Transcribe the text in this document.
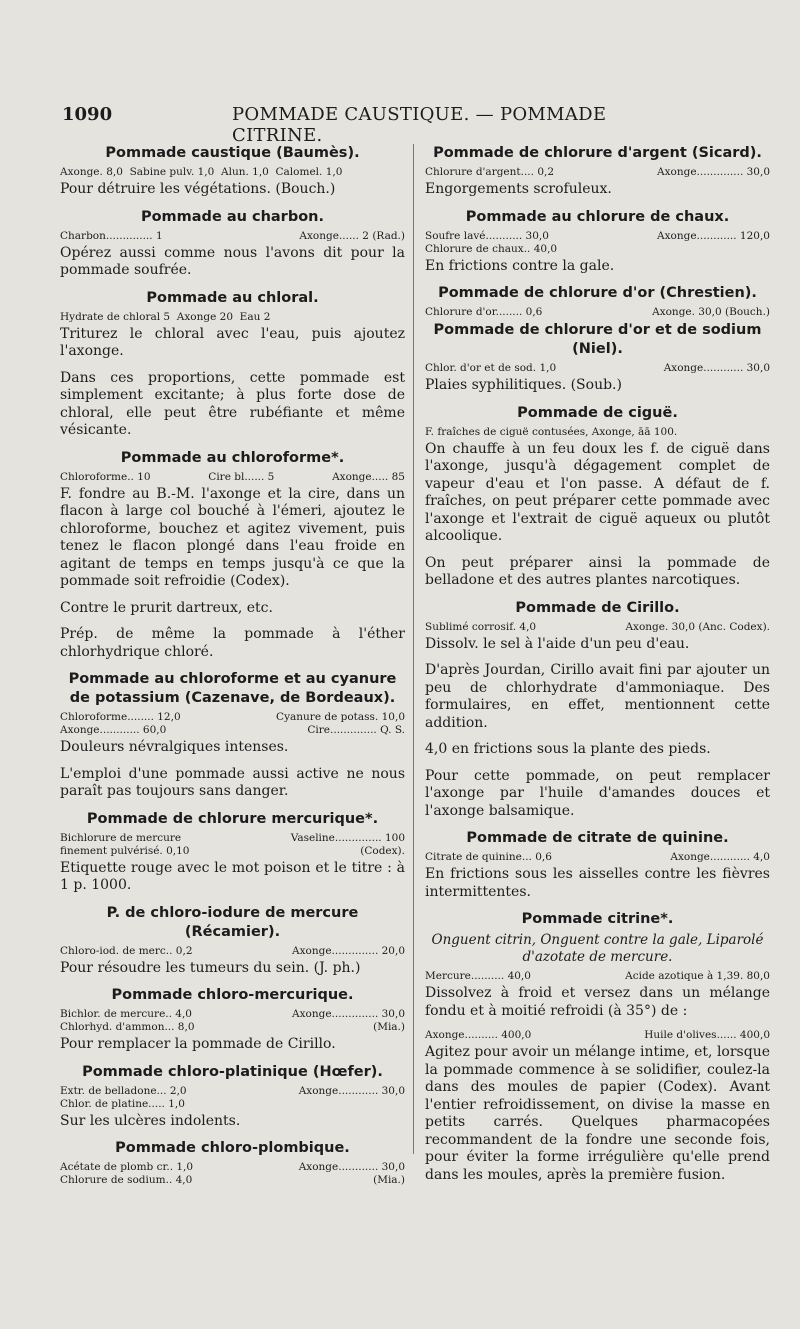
1090	POMMADE CAUSTIQUE. — POMMADE CITRINE.
Pommade caustique (Baumès).
Axonge. 8,0  Sabine pulv. 1,0  Alun. 1,0  Calomel. 1,0

Pour détruire les végétations. (Bouch.)

Pommade au charbon.
Charbon.............. 1	Axonge...... 2 (Rad.)

Opérez aussi comme nous l'avons dit pour la pommade soufrée.

Pommade au chloral.
Hydrate de chloral 5  Axonge 20  Eau 2

Triturez le chloral avec l'eau, puis ajoutez l'axonge.

Dans ces proportions, cette pommade est simplement excitante; à plus forte dose de chloral, elle peut être rubéfiante et même vésicante.

Pommade au chloroforme*.
Chloroforme.. 10	Cire bl...... 5	Axonge..... 85

F. fondre au B.-M. l'axonge et la cire, dans un flacon à large col bouché à l'émeri, ajoutez le chloroforme, bouchez et agitez vivement, puis tenez le flacon plongé dans l'eau froide en agitant de temps en temps jusqu'à ce que la pommade soit refroidie (Codex).

Contre le prurit dartreux, etc.

Prép. de même la pommade à l'éther chlorhydrique chloré.

Pommade au chloroforme et au cyanure de potassium (Cazenave, de Bordeaux).
Chloroforme........ 12,0	Cyanure de potass. 10,0
Axonge............ 60,0	Cire.............. Q. S.

Douleurs névralgiques intenses.

L'emploi d'une pommade aussi active ne nous paraît pas toujours sans danger.

Pommade de chlorure mercurique*.
Bichlorure de mercure	Vaseline.............. 100
finement pulvérisé. 0,10	(Codex).

Etiquette rouge avec le mot poison et le titre : à 1 p. 1000.

P. de chloro-iodure de mercure (Récamier).
Chloro-iod. de merc.. 0,2	Axonge.............. 20,0

Pour résoudre les tumeurs du sein. (J. ph.)

Pommade chloro-mercurique.
Bichlor. de mercure.. 4,0	Axonge.............. 30,0
Chlorhyd. d'ammon... 8,0	(Mia.)

Pour remplacer la pommade de Cirillo.

Pommade chloro-platinique (Hœfer).
Extr. de belladone... 2,0	Axonge............ 30,0
Chlor. de platine..... 1,0

Sur les ulcères indolents.

Pommade chloro-plombique.
Acétate de plomb cr.. 1,0	Axonge............ 30,0
Chlorure de sodium.. 4,0	(Mia.)
Pommade de chlorure d'argent (Sicard).
Chlorure d'argent.... 0,2	Axonge.............. 30,0

Engorgements scrofuleux.

Pommade au chlorure de chaux.
Soufre lavé........... 30,0	Axonge............ 120,0
Chlorure de chaux.. 40,0

En frictions contre la gale.

Pommade de chlorure d'or (Chrestien).
Chlorure d'or........ 0,6	Axonge. 30,0 (Bouch.)
Pommade de chlorure d'or et de sodium (Niel).
Chlor. d'or et de sod. 1,0	Axonge............ 30,0

Plaies syphilitiques. (Soub.)

Pommade de ciguë.
F. fraîches de ciguë contusées, Axonge, āā 100.

On chauffe à un feu doux les f. de ciguë dans l'axonge, jusqu'à dégagement complet de vapeur d'eau et l'on passe. A défaut de f. fraîches, on peut préparer cette pommade avec l'axonge et l'extrait de ciguë aqueux ou plutôt alcoolique.

On peut préparer ainsi la pommade de belladone et des autres plantes narcotiques.

Pommade de Cirillo.
Sublimé corrosif. 4,0	Axonge. 30,0 (Anc. Codex).

Dissolv. le sel à l'aide d'un peu d'eau.

D'après Jourdan, Cirillo avait fini par ajouter un peu de chlorhydrate d'ammoniaque. Des formulaires, en effet, mentionnent cette addition.

4,0 en frictions sous la plante des pieds.

Pour cette pommade, on peut remplacer l'axonge par l'huile d'amandes douces et l'axonge balsamique.

Pommade de citrate de quinine.
Citrate de quinine... 0,6	Axonge............ 4,0

En frictions sous les aisselles contre les fièvres intermittentes.

Pommade citrine*.
Onguent citrin, Onguent contre la gale, Liparolé d'azotate de mercure.
Mercure.......... 40,0	Acide azotique à 1,39. 80,0

Dissolvez à froid et versez dans un mélange fondu et à moitié refroidi (à 35°) de :

Axonge.......... 400,0	Huile d'olives...... 400,0

Agitez pour avoir un mélange intime, et, lorsque la pommade commence à se solidifier, coulez-la dans des moules de papier (Codex). Avant l'entier refroidissement, on divise la masse en petits carrés. Quelques pharmacopées recommandent de la fondre une seconde fois, pour éviter la forme irrégulière qu'elle prend dans les moules, après la première fusion.
